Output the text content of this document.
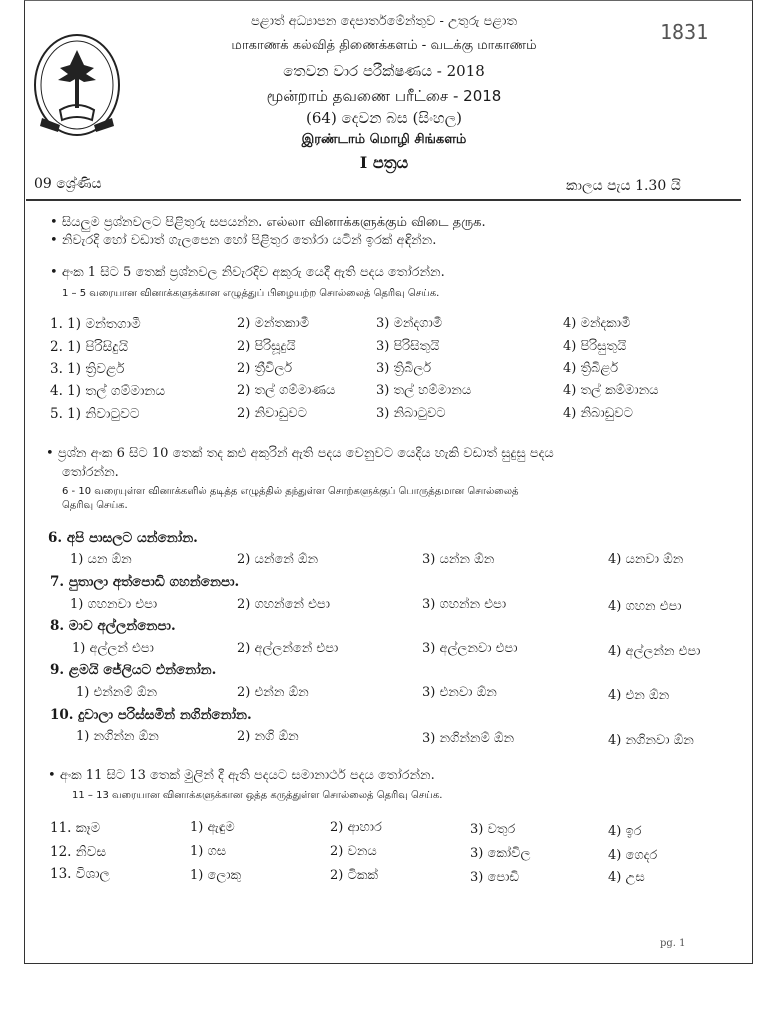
පළාත් අධ්‍යාපන දෙපාර්තමේන්තුව - උතුරු පළාත
மாகாணக் கல்வித் திணைக்களம் - வடக்கு மாகாணம்
තෙවන වාර පරීක්ෂණය - 2018
மூன்றாம் தவணை பரீட்சை - 2018
(64) දෙවන බස (සිංහල)
இரண்டாம் மொழி சிங்களம்
I පත්‍රය
1831
09 ශ්‍රේණිය	කාලය පැය 1.30 යි
• සියලුම ප්‍රශ්නවලට පිළිතුරු සපයන්න. எல்லா வினாக்களுக்கும் விடை தருக.
• නිවැරදි හෝ වඩාත් ගැලපෙන හෝ පිළිතුර තෝරා යටින් ඉරක් අඳින්න.
• අංක 1 සිට 5 තෙක් ප්‍රශ්නවල නිවැරදිව අකුරු යෙදී ඇති පදය තෝරන්න.
1 – 5 வரையான வினாக்களுக்கான எழுத்துப் பிழையற்ற சொல்லைத் தெரிவு செய்க.
1. 1) මන්තගාමී	2) මන්තකාමී	3) මන්දගාමී	4) මන්දකාමී
2. 1) පිරිසිදුයි	2) පිරිසූදුයි	3) පිරිසිතුයි	4) පිරිසුතුයි
3. 1) ත්‍රිවළර්	2) ත්‍රීවිලර්	3) ත්‍රිබිලර්	4) ත්‍රිබිළර්
4. 1) තල් ගම්මානය	2) තල් ගම්මාණය	3) තල් හම්මානය	4) තල් කම්මානය
5. 1) නිවාටුවට	2) නිවාඩුවට	3) නිබාටුවට	4) නිබාඩුවට
• ප්‍රශ්න අංක 6 සිට 10 තෙක් තද කළු අකුරින් ඇති පදය වෙනුවට යෙදිය හැකි වඩාත් සුදුසු පදය
තෝරන්න.
6 - 10 வரையுள்ள வினாக்களில் தடித்த எழுத்தில் தந்துள்ள சொற்களுக்குப் பொருத்தமான சொல்லைத்
தெரிவு செய்க.
6. අපි පාසලට යන්නෝන.
1) යන ඕන	2) යන්නේ ඕන	3) යන්න ඕන	4) යනවා ඕන
7. පුතාලා අත්පොඩි ගහන්නෙපා.
1) ගහනවා එපා	2) ගහන්නේ එපා	3) ගහන්න එපා	4) ගහන එපා
8. මාව අල්ලන්නෙපා.
1) අල්ලන් එපා	2) අල්ලන්නේ එපා	3) අල්ලනවා එපා	4) අල්ලන්න එපා
9. ළමයි ජේලියට එන්නෝන.
1) එන්නම් ඕන	2) එන්න ඕන	3) එනවා ඕන	4) එන ඕන
10. දුවාලා පරිස්සමින් නගින්නෝන.
1) නගින්න ඕන	2) නගි ඕන	3) නගින්නම් ඕන	4) නගිනවා ඕන
• අංක 11 සිට 13 තෙක් මුලින් දී ඇති පදයට සමානාර්ථ පදය තෝරන්න.
11 – 13 வரையான வினாக்களுக்கான ஒத்த கருத்துள்ள சொல்லைத் தெரிவு செய்க.
11. කෑම	1) ඇඳුම	2) ආහාර	3) වතුර	4) ඉර
12. නිවස	1) ගස	2) වනය	3) කෝවිල	4) ගෙදර
13. විශාල	1) ලොකු	2) ටිකක්	3) පොඩි	4) උස
pg. 1
